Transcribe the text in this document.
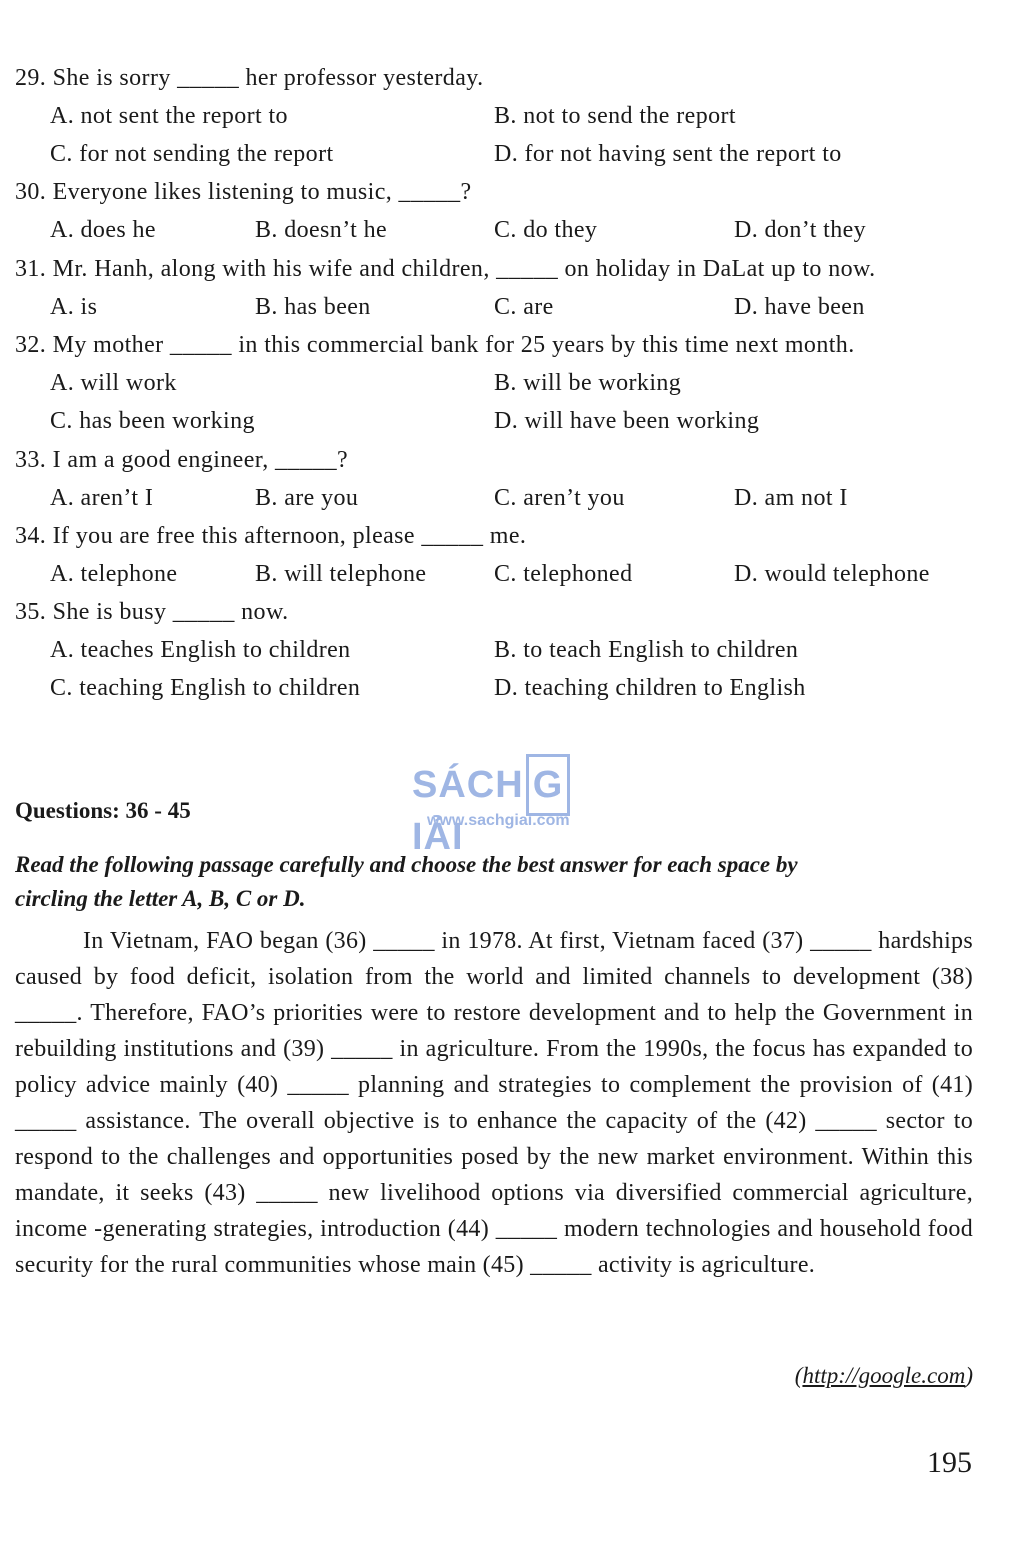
29. She is sorry _____ her professor yesterday.
A. not sent the report to	B. not to send the report
C. for not sending the report	D. for not having sent the report to
30. Everyone likes listening to music, _____?
A. does he	B. doesn’t he	C. do they	D. don’t they
31. Mr. Hanh, along with his wife and children, _____ on holiday in DaLat up to now.
A. is	B. has been	C. are	D. have been
32. My mother _____ in this commercial bank for 25 years by this time next month.
A. will work	B. will be working
C. has been working	D. will have been working
33. I am a good engineer, _____?
A. aren’t I	B. are you	C. aren’t you	D. am not I
34. If you are free this afternoon, please _____ me.
A. telephone	B. will telephone	C. telephoned	D. would telephone
35. She is busy _____ now.
A. teaches English to children	B. to teach English to children
C. teaching English to children	D. teaching children to English
SÁCH GIẢI
www.sachgiai.com
Questions: 36 - 45
Read the following passage carefully and choose the best answer for each space by
circling the letter A, B, C or D.

In Vietnam, FAO began (36) _____ in 1978. At first, Vietnam faced (37) _____ hardships caused by food deficit, isolation from the world and limited channels to development (38) _____. Therefore, FAO’s priorities were to restore development and to help the Government in rebuilding institutions and (39) _____ in agriculture. From the 1990s, the focus has expanded to policy advice mainly (40) _____ planning and strategies to complement the provision of (41) _____ assistance. The overall objective is to enhance the capacity of the (42) _____ sector to respond to the challenges and opportunities posed by the new market environment. Within this mandate, it seeks (43) _____ new livelihood options via diversified commercial agriculture, income -generating strategies, introduction (44) _____ modern technologies and household food security for the rural communities whose main (45) _____ activity is agriculture.

(http://google.com)
195
